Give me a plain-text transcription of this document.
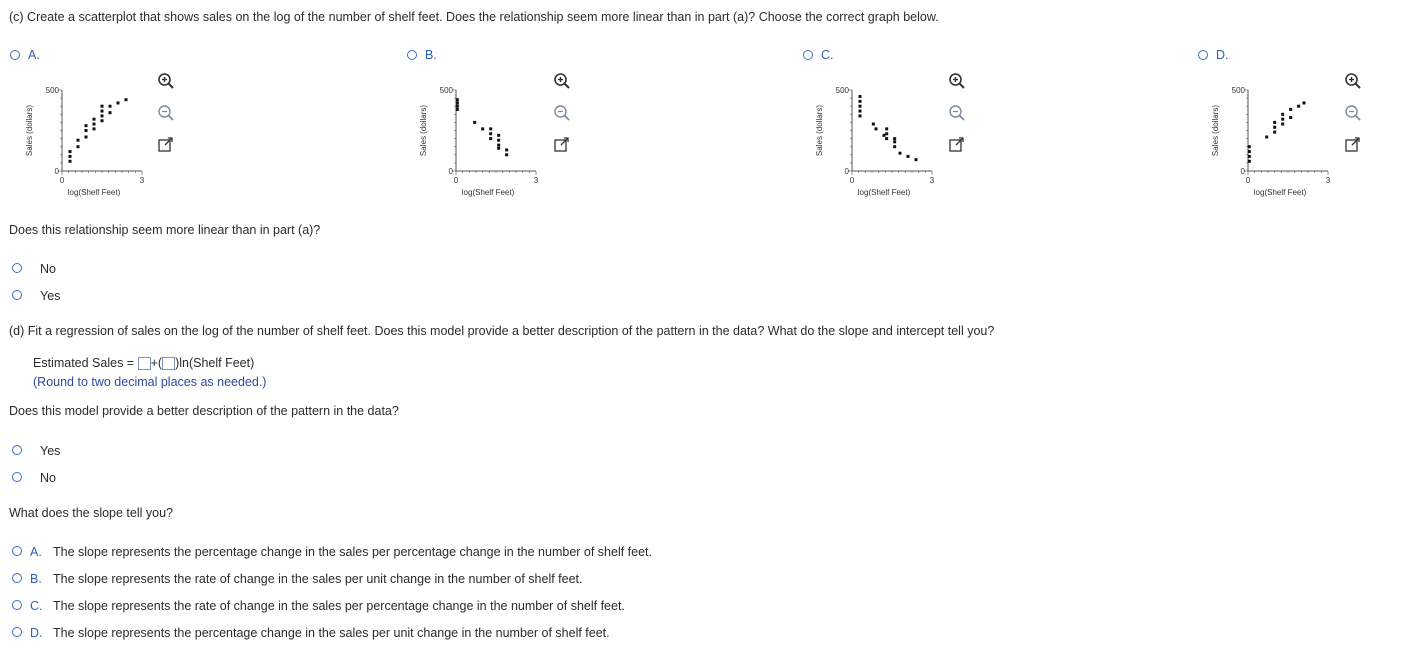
(c) Create a scatterplot that shows sales on the log of the number of shelf feet. Does the relationship seem more linear than in part (a)? Choose the correct graph below.
A.
500
0
0	3
log(Shelf Feet)
Sales (dollars)
B.
500
0
0	3
log(Shelf Feet)
Sales (dollars)
C.
500
0
0	3
log(Shelf Feet)
Sales (dollars)
D.
500
0
0	3
log(Shelf Feet)
Sales (dollars)
Does this relationship seem more linear than in part (a)?
No
Yes
(d) Fit a regression of sales on the log of the number of shelf feet. Does this model provide a better description of the pattern in the data? What do the slope and intercept tell you?
Estimated Sales = +( )ln(Shelf Feet)
(Round to two decimal places as needed.)
Does this model provide a better description of the pattern in the data?
Yes
No
What does the slope tell you?
A. The slope represents the percentage change in the sales per percentage change in the number of shelf feet.
B. The slope represents the rate of change in the sales per unit change in the number of shelf feet.
C. The slope represents the rate of change in the sales per percentage change in the number of shelf feet.
D. The slope represents the percentage change in the sales per unit change in the number of shelf feet.
